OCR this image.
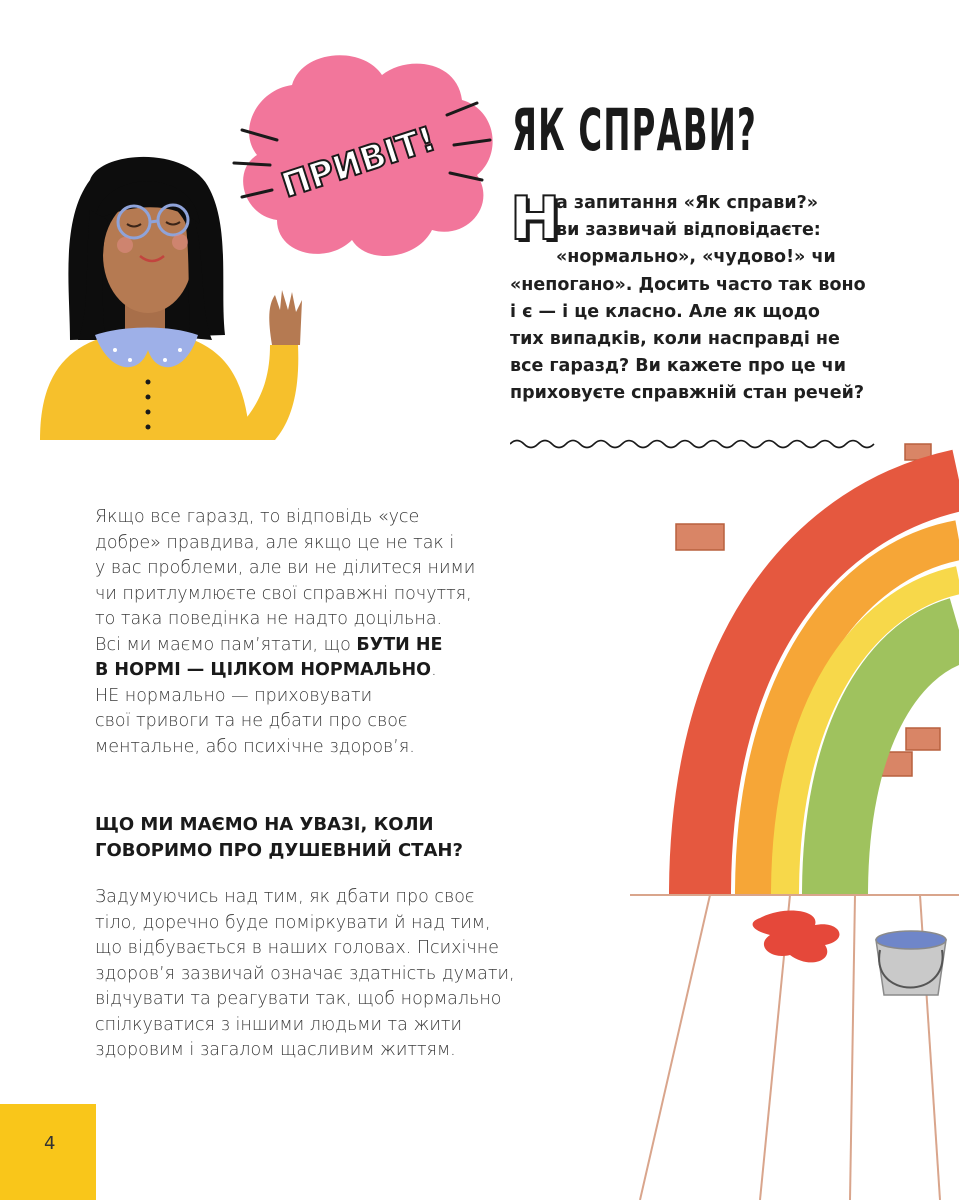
ПРИВІТ! ЯК СПРАВИ?
Н

а запитання «Як справи?»
ви зазвичай відповідаєте:
«нормально», «чудово!» чи
«непогано». Досить часто так воно
і є — і це класно. Але як щодо
тих випадків, коли насправді не
все гаразд? Ви кажете про це чи
приховуєте справжній стан речей?

Якщо все гаразд, то відповідь «усе
добре» правдива, але якщо це не так і
у вас проблеми, але ви не ділитеся ними
чи притлумлюєте свої справжні почуття,
то така поведінка не надто доцільна.
Всі ми маємо пам’ятати, що БУТИ НЕ
В НОРМІ — ЦІЛКОМ НОРМАЛЬНО.
НЕ нормально — приховувати
свої тривоги та не дбати про своє
ментальне, або психічне здоров’я.
ЩО МИ МАЄМО НА УВАЗІ, КОЛИ
ГОВОРИМО ПРО ДУШЕВНИЙ СТАН?
Задумуючись над тим, як дбати про своє
тіло, доречно буде поміркувати й над тим,
що відбувається в наших головах. Психічне
здоров’я зазвичай означає здатність думати,
відчувати та реагувати так, щоб нормально
спілкуватися з іншими людьми та жити
здоровим і загалом щасливим життям.
4
